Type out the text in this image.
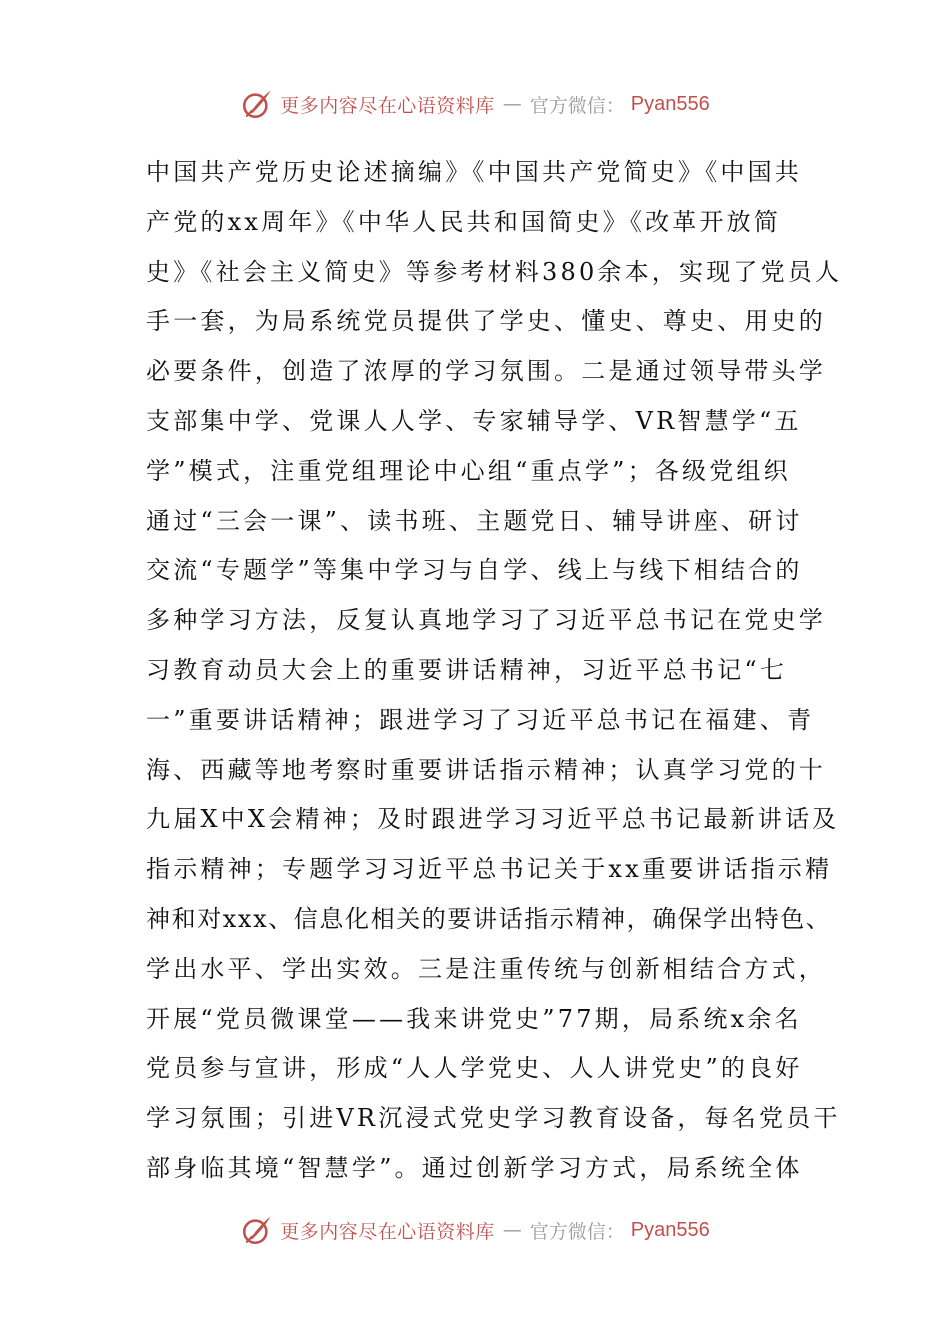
更多内容尽在心语资料库 — 官方微信： Pyan556
中国共产党历史论述摘编》《中国共产党简史》《中国共
产党的xx周年》《中华人民共和国简史》《改革开放简
史》《社会主义简史》等参考材料380余本，实现了党员人
手一套，为局系统党员提供了学史、懂史、尊史、用史的
必要条件，创造了浓厚的学习氛围。二是通过领导带头学
支部集中学、党课人人学、专家辅导学、VR智慧学“五
学”模式，注重党组理论中心组“重点学”；各级党组织
通过“三会一课”、读书班、主题党日、辅导讲座、研讨
交流“专题学”等集中学习与自学、线上与线下相结合的
多种学习方法，反复认真地学习了习近平总书记在党史学
习教育动员大会上的重要讲话精神，习近平总书记“七
一”重要讲话精神；跟进学习了习近平总书记在福建、青
海、西藏等地考察时重要讲话指示精神；认真学习党的十
九届X中X会精神；及时跟进学习习近平总书记最新讲话及
指示精神；专题学习习近平总书记关于xx重要讲话指示精
神和对xxx、信息化相关的要讲话指示精神，确保学出特色、
学出水平、学出实效。三是注重传统与创新相结合方式，
开展“党员微课堂——我来讲党史”77期，局系统x余名
党员参与宣讲，形成“人人学党史、人人讲党史”的良好
学习氛围；引进VR沉浸式党史学习教育设备，每名党员干
部身临其境“智慧学”。通过创新学习方式，局系统全体
更多内容尽在心语资料库 — 官方微信： Pyan556
